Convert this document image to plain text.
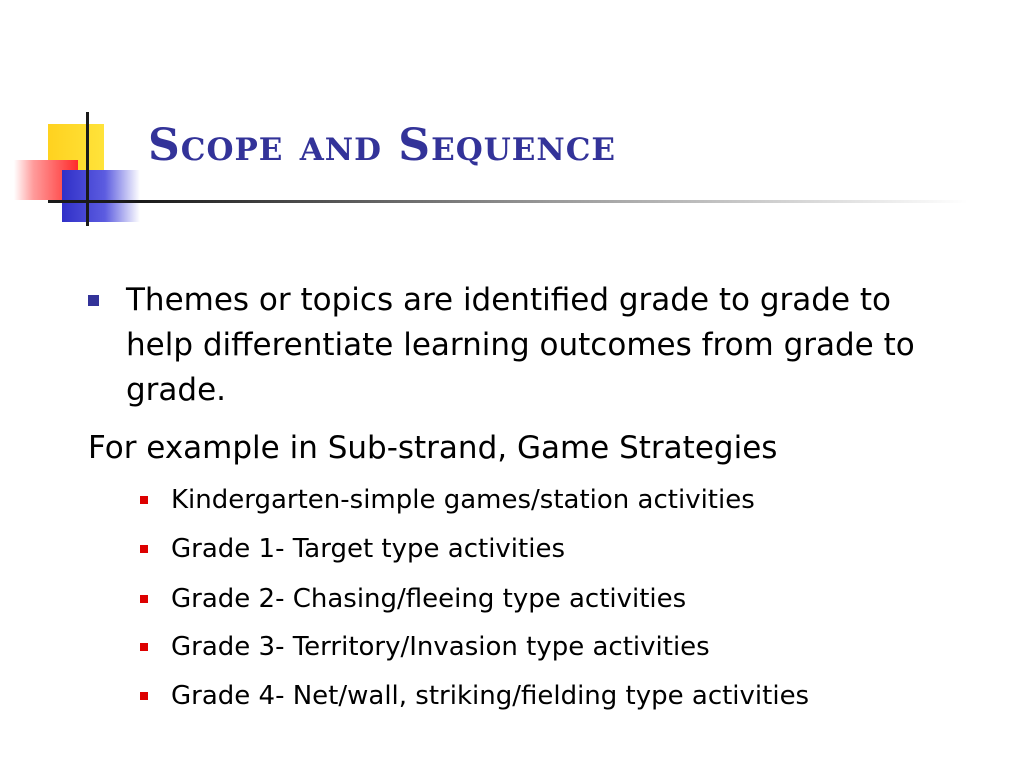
Scope and Sequence
Themes or topics are identified grade to grade to help differentiate learning outcomes from grade to grade.
For example in Sub-strand, Game Strategies
Kindergarten-simple games/station activities
Grade 1- Target type activities
Grade 2- Chasing/fleeing type activities
Grade 3- Territory/Invasion type activities
Grade 4- Net/wall, striking/fielding type activities
